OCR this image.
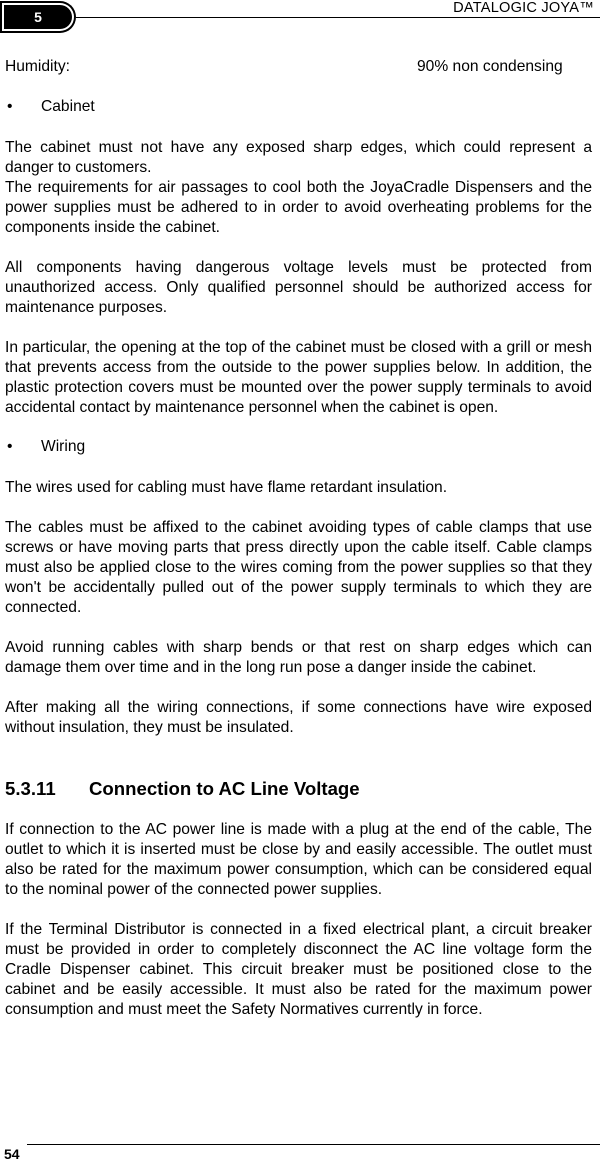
5
DATALOGIC JOYA™
Humidity:	90% non condensing
• Cabinet

The cabinet must not have any exposed sharp edges, which could represent a danger to customers.

The requirements for air passages to cool both the JoyaCradle Dispensers and the power supplies must be adhered to in order to avoid overheating problems for the components inside the cabinet.

All components having dangerous voltage levels must be protected from unauthorized access. Only qualified personnel should be authorized access for maintenance purposes.

In particular, the opening at the top of the cabinet must be closed with a grill or mesh that prevents access from the outside to the power supplies below. In addition, the plastic protection covers must be mounted over the power supply terminals to avoid accidental contact by maintenance personnel when the cabinet is open.

• Wiring

The wires used for cabling must have flame retardant insulation.

The cables must be affixed to the cabinet avoiding types of cable clamps that use screws or have moving parts that press directly upon the cable itself. Cable clamps must also be applied close to the wires coming from the power supplies so that they won't be accidentally pulled out of the power supply terminals to which they are connected.

Avoid running cables with sharp bends or that rest on sharp edges which can damage them over time and in the long run pose a danger inside the cabinet.

After making all the wiring connections, if some connections have wire exposed without insulation, they must be insulated.

5.3.11 Connection to AC Line Voltage

If connection to the AC power line is made with a plug at the end of the cable, The outlet to which it is inserted must be close by and easily accessible. The outlet must also be rated for the maximum power consumption, which can be considered equal to the nominal power of the connected power supplies.

If the Terminal Distributor is connected in a fixed electrical plant, a circuit breaker must be provided in order to completely disconnect the AC line voltage form the Cradle Dispenser cabinet. This circuit breaker must be positioned close to the cabinet and be easily accessible. It must also be rated for the maximum power consumption and must meet the Safety Normatives currently in force.

54
